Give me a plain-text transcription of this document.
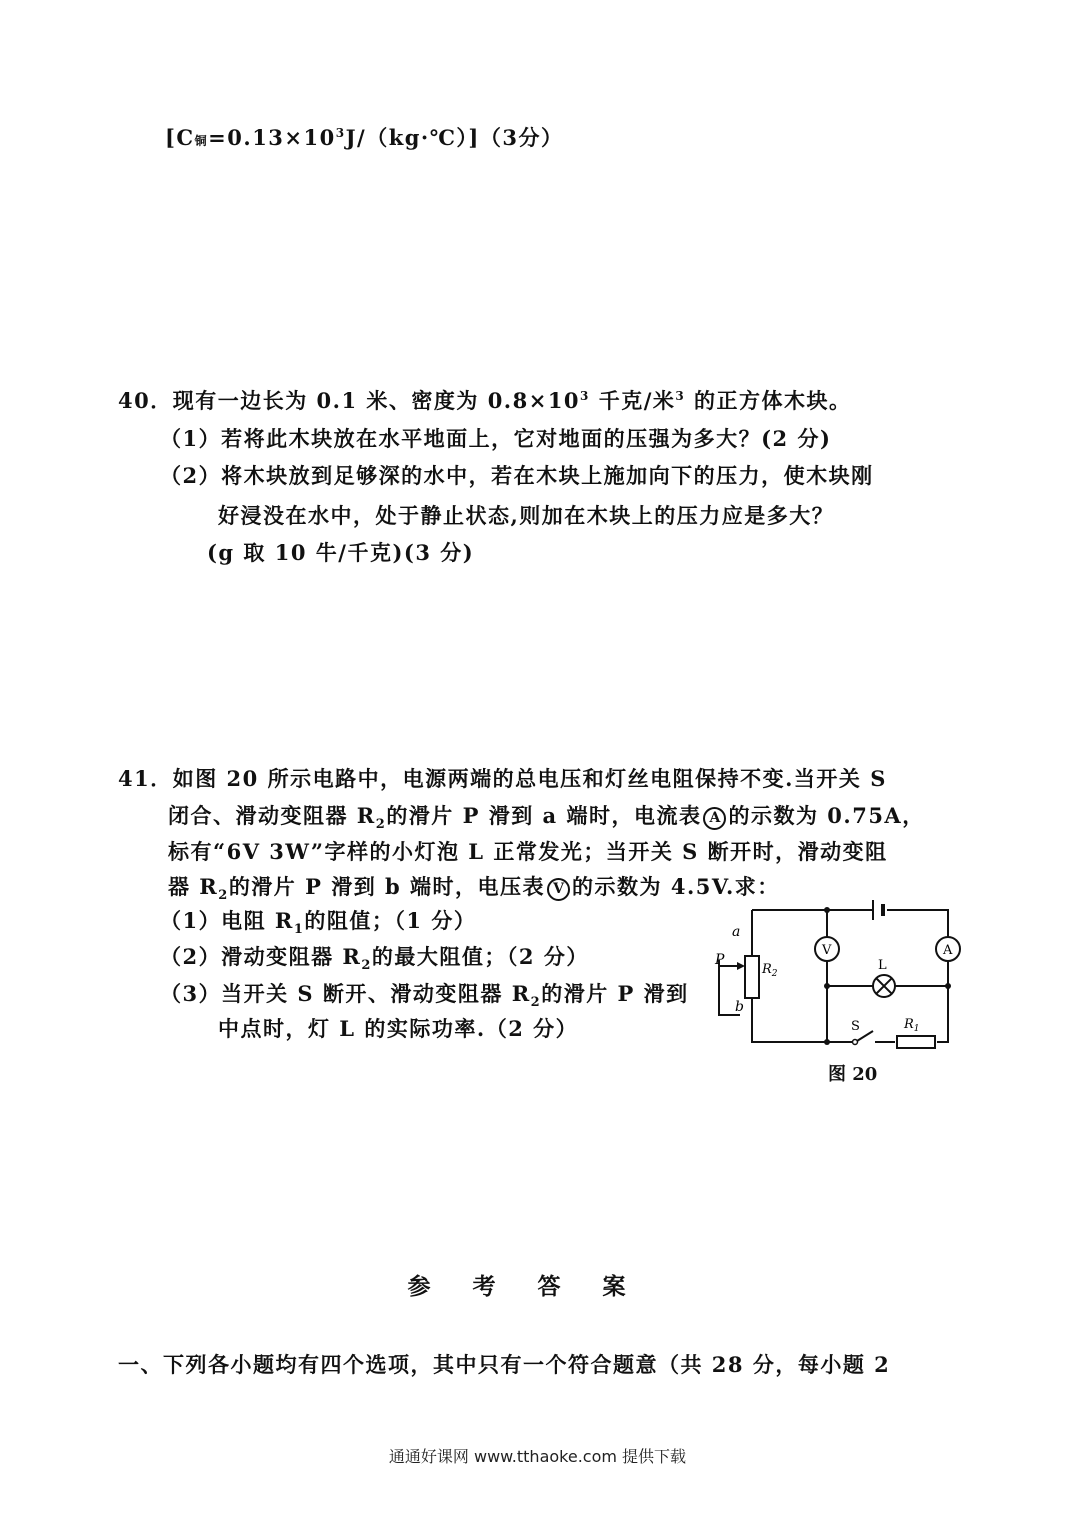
[C铜$=0.13\times 10^3J/(kg\cdot℃)](3$分）
40．现有一边长为 0.1 米、密度为 $0.8\times 10^3$ 千克/米$^3$ 的正方体木块。
（1）若将此木块放在水平地面上，它对地面的压强为多大？(2 分)
（2）将木块放到足够深的水中，若在木块上施加向下的压力，使木块刚
好浸没在水中，处于静止状态,则加在木块上的压力应是多大？
(g 取 10 牛/千克)(3 分)
41．如图 20 所示电路中，电源两端的总电压和灯丝电阻保持不变.当开关 S
闭合、滑动变阻器 $R_2$的滑片 P 滑到 a 端时，电流表 A 的示数为 0.75A，
标有“6V 3W”字样的小灯泡 L 正常发光；当开关 S 断开时，滑动变阻
器 $R_2$的滑片 P 滑到 b 端时，电压表 V 的示数为 4.5V.求：
（1）电阻 $R_1$的阻值；（1 分）
（2）滑动变阻器 $R_2$的最大阻值；（2 分）
（3）当开关 S 断开、滑动变阻器 $R_2$的滑片 P 滑到
中点时，灯 L 的实际功率.（2 分）
a
b
P
$R_2$
V	A
L
S	$R_1$
图 20
参考答案
一、下列各小题均有四个选项，其中只有一个符合题意（共 28 分，每小题 2
通通好课网 www.tthaoke.com 提供下载
